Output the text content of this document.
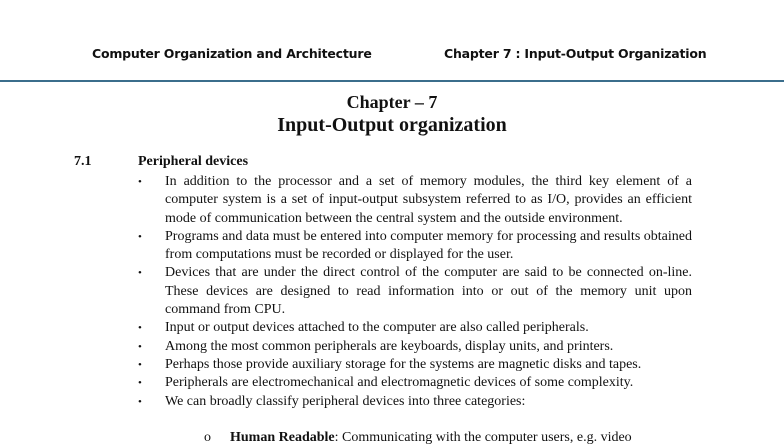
Computer Organization and Architecture	Chapter 7 : Input-Output Organization
Chapter – 7
Input-Output organization
7.1	Peripheral devices
• In addition to the processor and a set of memory modules, the third key element of a computer system is a set of input-output subsystem referred to as I/O, provides an efficient mode of communication between the central system and the outside environment.
• Programs and data must be entered into computer memory for processing and results obtained from computations must be recorded or displayed for the user.
• Devices that are under the direct control of the computer are said to be connected on-line. These devices are designed to read information into or out of the memory unit upon command from CPU.
• Input or output devices attached to the computer are also called peripherals.
• Among the most common peripherals are keyboards, display units, and printers.
• Perhaps those provide auxiliary storage for the systems are magnetic disks and tapes.
• Peripherals are electromechanical and electromagnetic devices of some complexity.
• We can broadly classify peripheral devices into three categories:
o Human Readable: Communicating with the computer users, e.g. video
